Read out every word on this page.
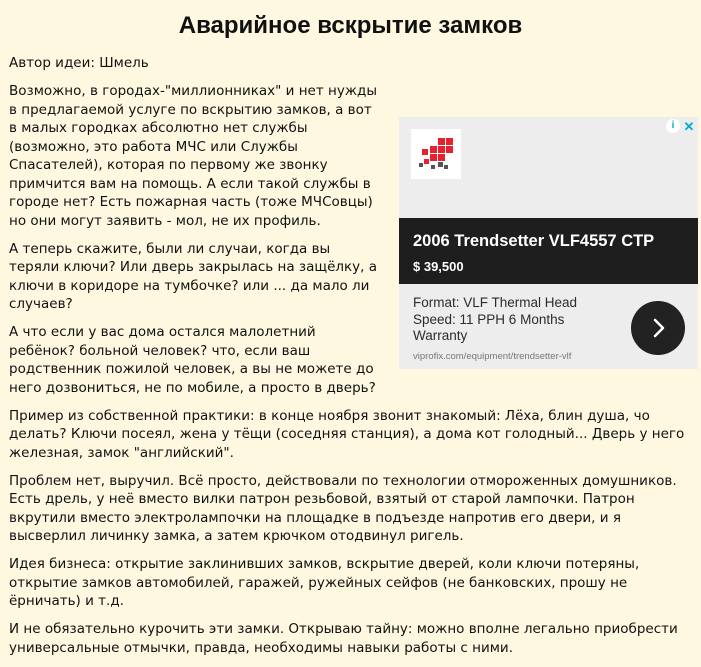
Аварийное вскрытие замков

Автор идеи: Шмель

i ✕
2006 Trendsetter VLF4557 CTP
$ 39,500
Format: VLF Thermal Head
Speed: 11 PPH 6 Months
Warranty
viprofix.com/equipment/trendsetter-vlf

Возможно, в городах-"миллионниках" и нет нужды в предлагаемой услуге по вскрытию замков, а вот в малых городках абсолютно нет службы (возможно, это работа МЧС или Службы Спасателей), которая по первому же звонку примчится вам на помощь. А если такой службы в городе нет? Есть пожарная часть (тоже МЧСовцы) но они могут заявить - мол, не их профиль.

А теперь скажите, были ли случаи, когда вы теряли ключи? Или дверь закрылась на защёлку, а ключи в коридоре на тумбочке? или ... да мало ли случаев?

А что если у вас дома остался малолетний ребёнок? больной человек? что, если ваш родственник пожилой человек, а вы не можете до него дозвониться, не по мобиле, а просто в дверь?

Пример из собственной практики: в конце ноября звонит знакомый: Лёха, блин душа, чо делать? Ключи посеял, жена у тёщи (соседняя станция), а дома кот голодный... Дверь у него железная, замок "английский".

Проблем нет, выручил. Всё просто, действовали по технологии отмороженных домушников. Есть дрель, у неё вместо вилки патрон резьбовой, взятый от старой лампочки. Патрон вкрутили вместо электролампочки на площадке в подъезде напротив его двери, и я высверлил личинку замка, а затем крючком отодвинул ригель.

Идея бизнеса: открытие заклинивших замков, вскрытие дверей, коли ключи потеряны, открытие замков автомобилей, гаражей, ружейных сейфов (не банковских, прошу не ёрничать) и т.д.

И не обязательно курочить эти замки. Открываю тайну: можно вполне легально приобрести универсальные отмычки, правда, необходимы навыки работы с ними.
